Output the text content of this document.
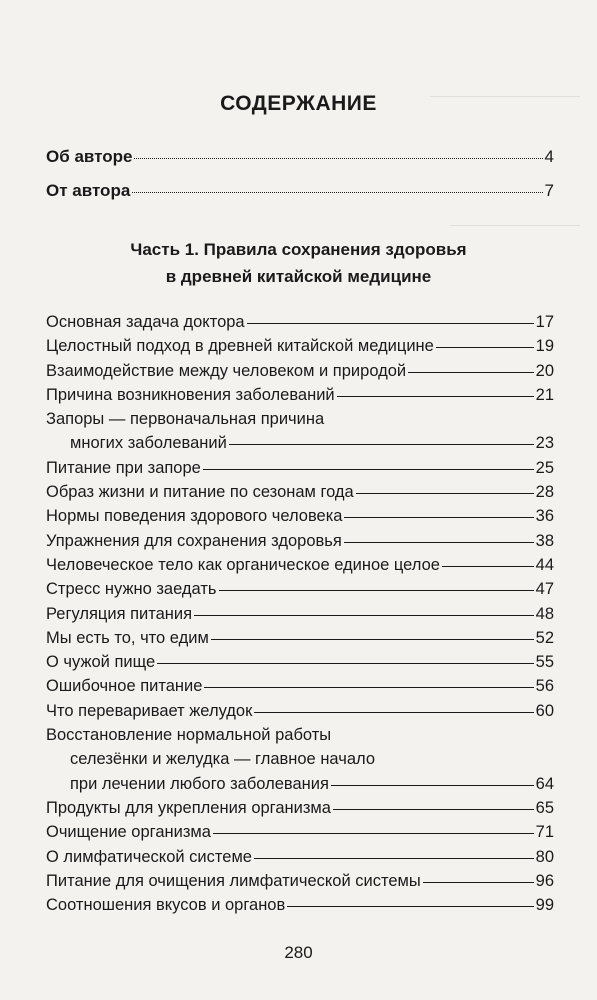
СОДЕРЖАНИЕ
Об авторе	4
От автора	7
Часть 1. Правила сохранения здоровья
в древней китайской медицине
Основная задача доктора	17
Целостный подход в древней китайской медицине	19
Взаимодействие между человеком и природой	20
Причина возникновения заболеваний	21
Запоры — первоначальная причина
многих заболеваний	23
Питание при запоре	25
Образ жизни и питание по сезонам года	28
Нормы поведения здорового человека	36
Упражнения для сохранения здоровья	38
Человеческое тело как органическое единое целое	44
Стресс нужно заедать	47
Регуляция питания	48
Мы есть то, что едим	52
О чужой пище	55
Ошибочное питание	56
Что переваривает желудок	60
Восстановление нормальной работы
селезёнки и желудка — главное начало
при лечении любого заболевания	64
Продукты для укрепления организма	65
Очищение организма	71
О лимфатической системе	80
Питание для очищения лимфатической системы	96
Соотношения вкусов и органов	99
280
